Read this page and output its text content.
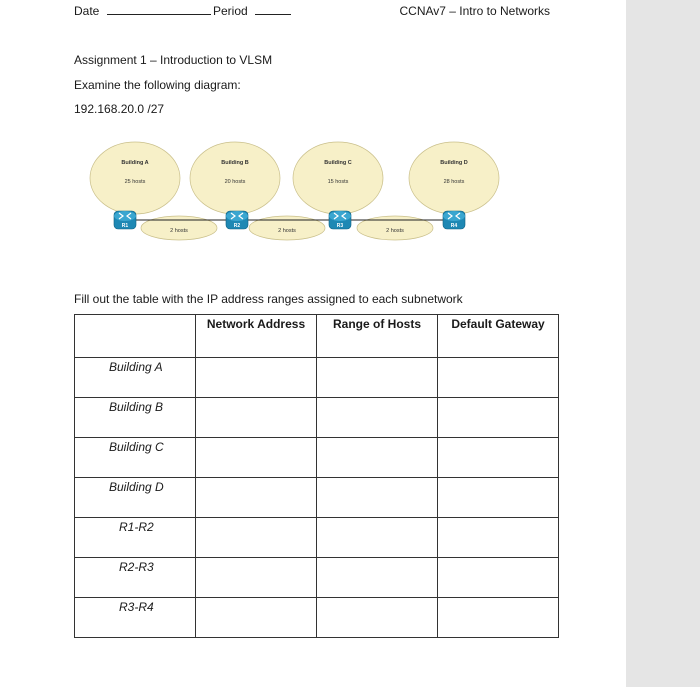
Date	Period	CCNAv7 – Intro to Networks
Assignment 1 – Introduction to VLSM
Examine the following diagram:
192.168.20.0 /27
Building A
25 hosts
Building B
20 hosts
Building C
15 hosts
Building D
28 hosts
2 hosts	2 hosts	2 hosts
R1	R2	R3	R4
Fill out the table with the IP address ranges assigned to each subnetwork
	Network Address	Range of Hosts	Default Gateway
Building A			
Building B			
Building C			
Building D			
R1-R2			
R2-R3			
R3-R4			
